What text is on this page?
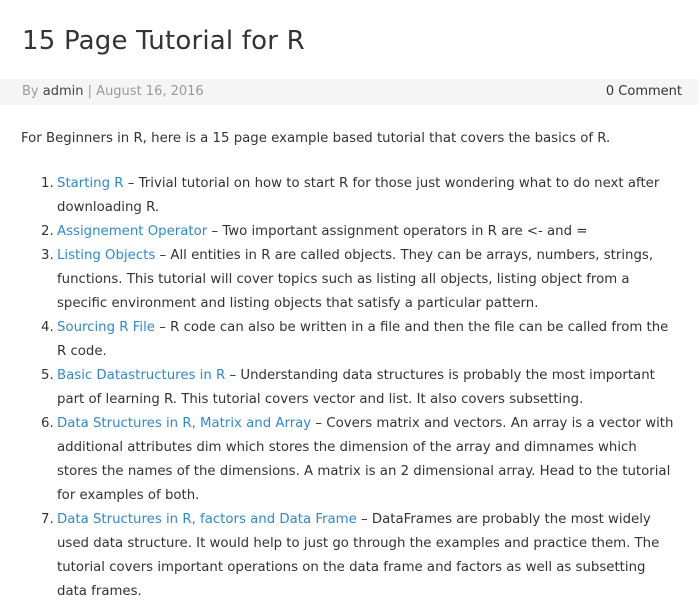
15 Page Tutorial for R
By admin | August 16, 2016	0 Comment

For Beginners in R, here is a 15 page example based tutorial that covers the basics of R.

1. Starting R – Trivial tutorial on how to start R for those just wondering what to do next after downloading R.
2. Assignement Operator – Two important assignment operators in R are <- and =
3. Listing Objects – All entities in R are called objects. They can be arrays, numbers, strings, functions. This tutorial will cover topics such as listing all objects, listing object from a specific environment and listing objects that satisfy a particular pattern.
4. Sourcing R File – R code can also be written in a file and then the file can be called from the R code.
5. Basic Datastructures in R – Understanding data structures is probably the most important part of learning R. This tutorial covers vector and list. It also covers subsetting.
6. Data Structures in R, Matrix and Array – Covers matrix and vectors. An array is a vector with additional attributes dim which stores the dimension of the array and dimnames which stores the names of the dimensions. A matrix is an 2 dimensional array. Head to the tutorial for examples of both.
7. Data Structures in R, factors and Data Frame – DataFrames are probably the most widely used data structure. It would help to just go through the examples and practice them. The tutorial covers important operations on the data frame and factors as well as subsetting data frames.
